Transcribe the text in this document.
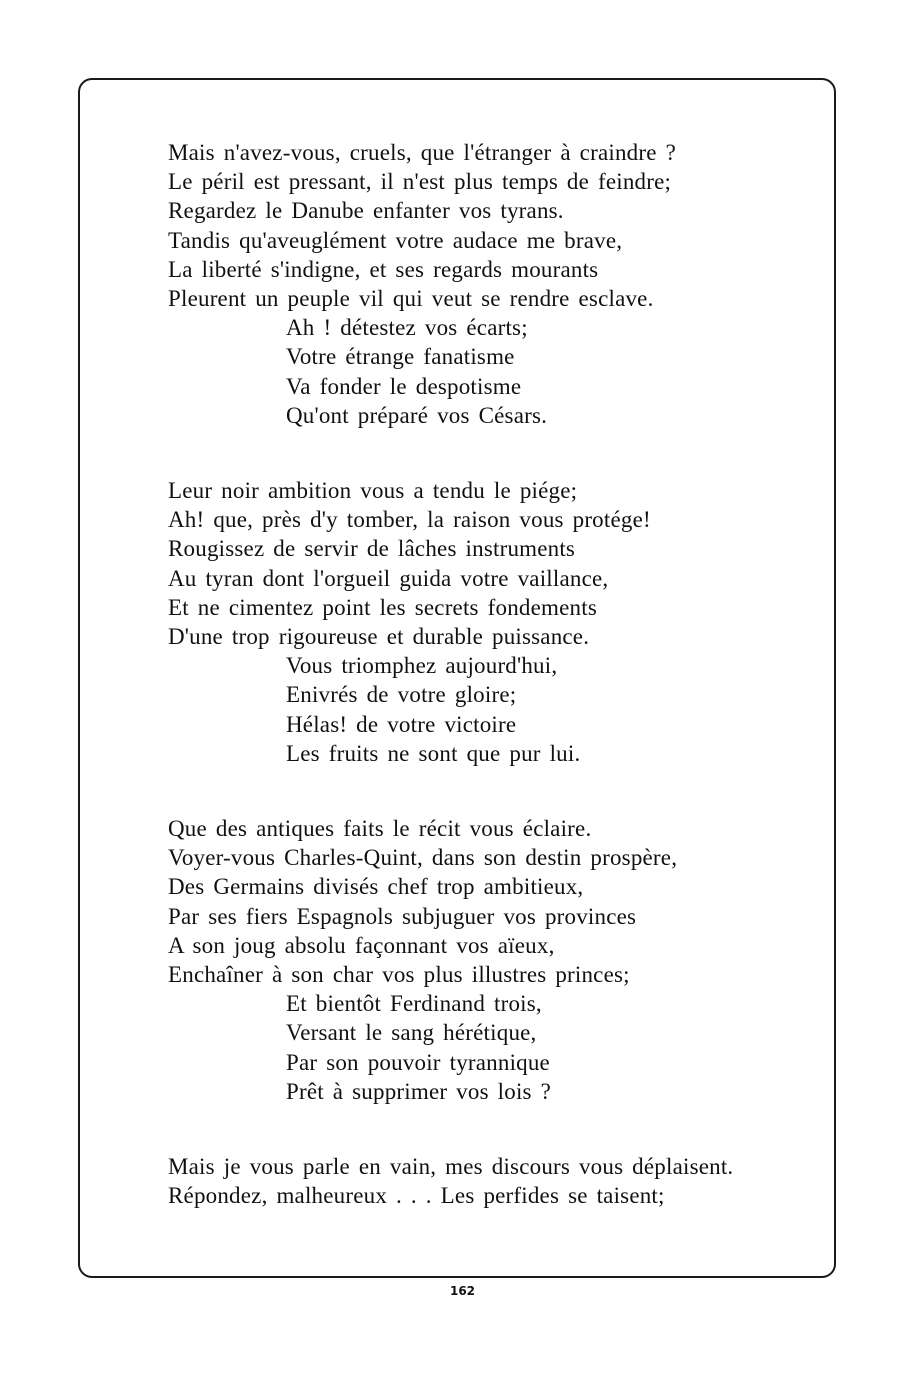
Mais n'avez-vous, cruels, que l'étranger à craindre ?
Le péril est pressant, il n'est plus temps de feindre;
Regardez le Danube enfanter vos tyrans.
Tandis qu'aveuglément votre audace me brave,
La liberté s'indigne, et ses regards mourants
Pleurent un peuple vil qui veut se rendre esclave.
Ah ! détestez vos écarts;
Votre étrange fanatisme
Va fonder le despotisme
Qu'ont préparé vos Césars.
Leur noir ambition vous a tendu le piége;
Ah! que, près d'y tomber, la raison vous protége!
Rougissez de servir de lâches instruments
Au tyran dont l'orgueil guida votre vaillance,
Et ne cimentez point les secrets fondements
D'une trop rigoureuse et durable puissance.
Vous triomphez aujourd'hui,
Enivrés de votre gloire;
Hélas! de votre victoire
Les fruits ne sont que pur lui.
Que des antiques faits le récit vous éclaire.
Voyer-vous Charles-Quint, dans son destin prospère,
Des Germains divisés chef trop ambitieux,
Par ses fiers Espagnols subjuguer vos provinces
A son joug absolu façonnant vos aïeux,
Enchaîner à son char vos plus illustres princes;
Et bientôt Ferdinand trois,
Versant le sang hérétique,
Par son pouvoir tyrannique
Prêt à supprimer vos lois ?
Mais je vous parle en vain, mes discours vous déplaisent.
Répondez, malheureux . . . Les perfides se taisent;
162
